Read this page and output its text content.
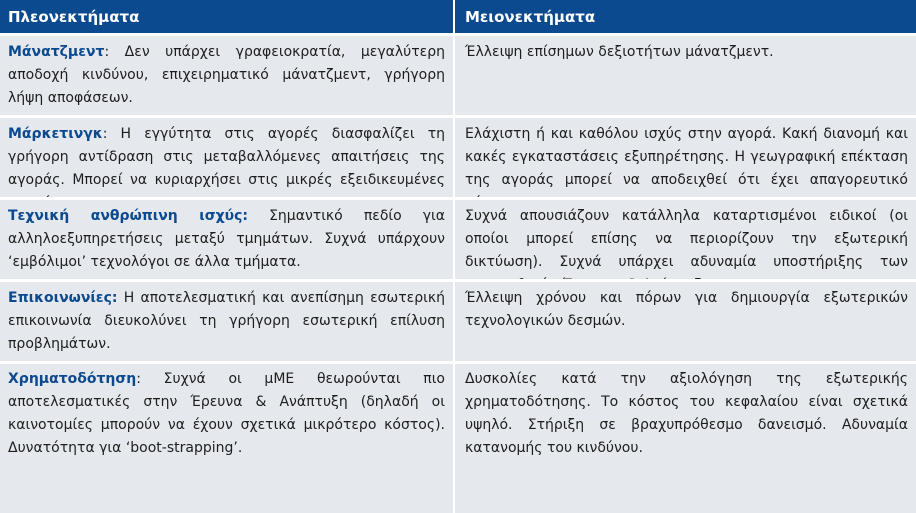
Πλεονεκτήματα	Μειονεκτήματα
Μάνατζμεντ: Δεν υπάρχει γραφειοκρατία, μεγαλύτερη αποδοχή κινδύνου, επιχειρηματικό μάνατζμεντ, γρήγορη λήψη αποφάσεων.
Έλλειψη επίσημων δεξιοτήτων μάνατζμεντ.
Μάρκετινγκ: Η εγγύτητα στις αγορές διασφαλίζει τη γρήγορη αντίδραση στις μεταβαλλόμενες απαιτήσεις της αγοράς. Μπορεί να κυριαρχήσει στις μικρές εξειδικευμένες
Ελάχιστη ή και καθόλου ισχύς στην αγορά. Κακή διανομή και κακές εγκαταστάσεις εξυπηρέτησης. Η γεωγραφική επέκταση της αγοράς μπορεί να αποδειχθεί ότι έχει απαγορευτικό
Τεχνική ανθρώπινη ισχύς: Σημαντικό πεδίο για αλληλοεξυπηρετήσεις μεταξύ τμημάτων. Συχνά υπάρχουν ‘εμβόλιμοι’ τεχνολόγοι σε άλλα τμήματα.
Συχνά απουσιάζουν κατάλληλα καταρτισμένοι ειδικοί (οι οποίοι μπορεί επίσης να περιορίζουν την εξωτερική δικτύωση). Συχνά υπάρχει αδυναμία υποστήριξης των
Επικοινωνίες: Η αποτελεσματική και ανεπίσημη εσωτερική επικοινωνία διευκολύνει τη γρήγορη εσωτερική επίλυση προβλημάτων.
Έλλειψη χρόνου και πόρων για δημιουργία εξωτερικών τεχνολογικών δεσμών.
Χρηματοδότηση: Συχνά οι μΜΕ θεωρούνται πιο αποτελεσματικές στην Έρευνα & Ανάπτυξη (δηλαδή οι καινοτομίες μπορούν να έχουν σχετικά μικρότερο κόστος). Δυνατότητα για ‘boot-strapping’.
Δυσκολίες κατά την αξιολόγηση της εξωτερικής χρηματοδότησης. Το κόστος του κεφαλαίου είναι σχετικά υψηλό. Στήριξη σε βραχυπρόθεσμο δανεισμό. Αδυναμία κατανομής του κινδύνου.
